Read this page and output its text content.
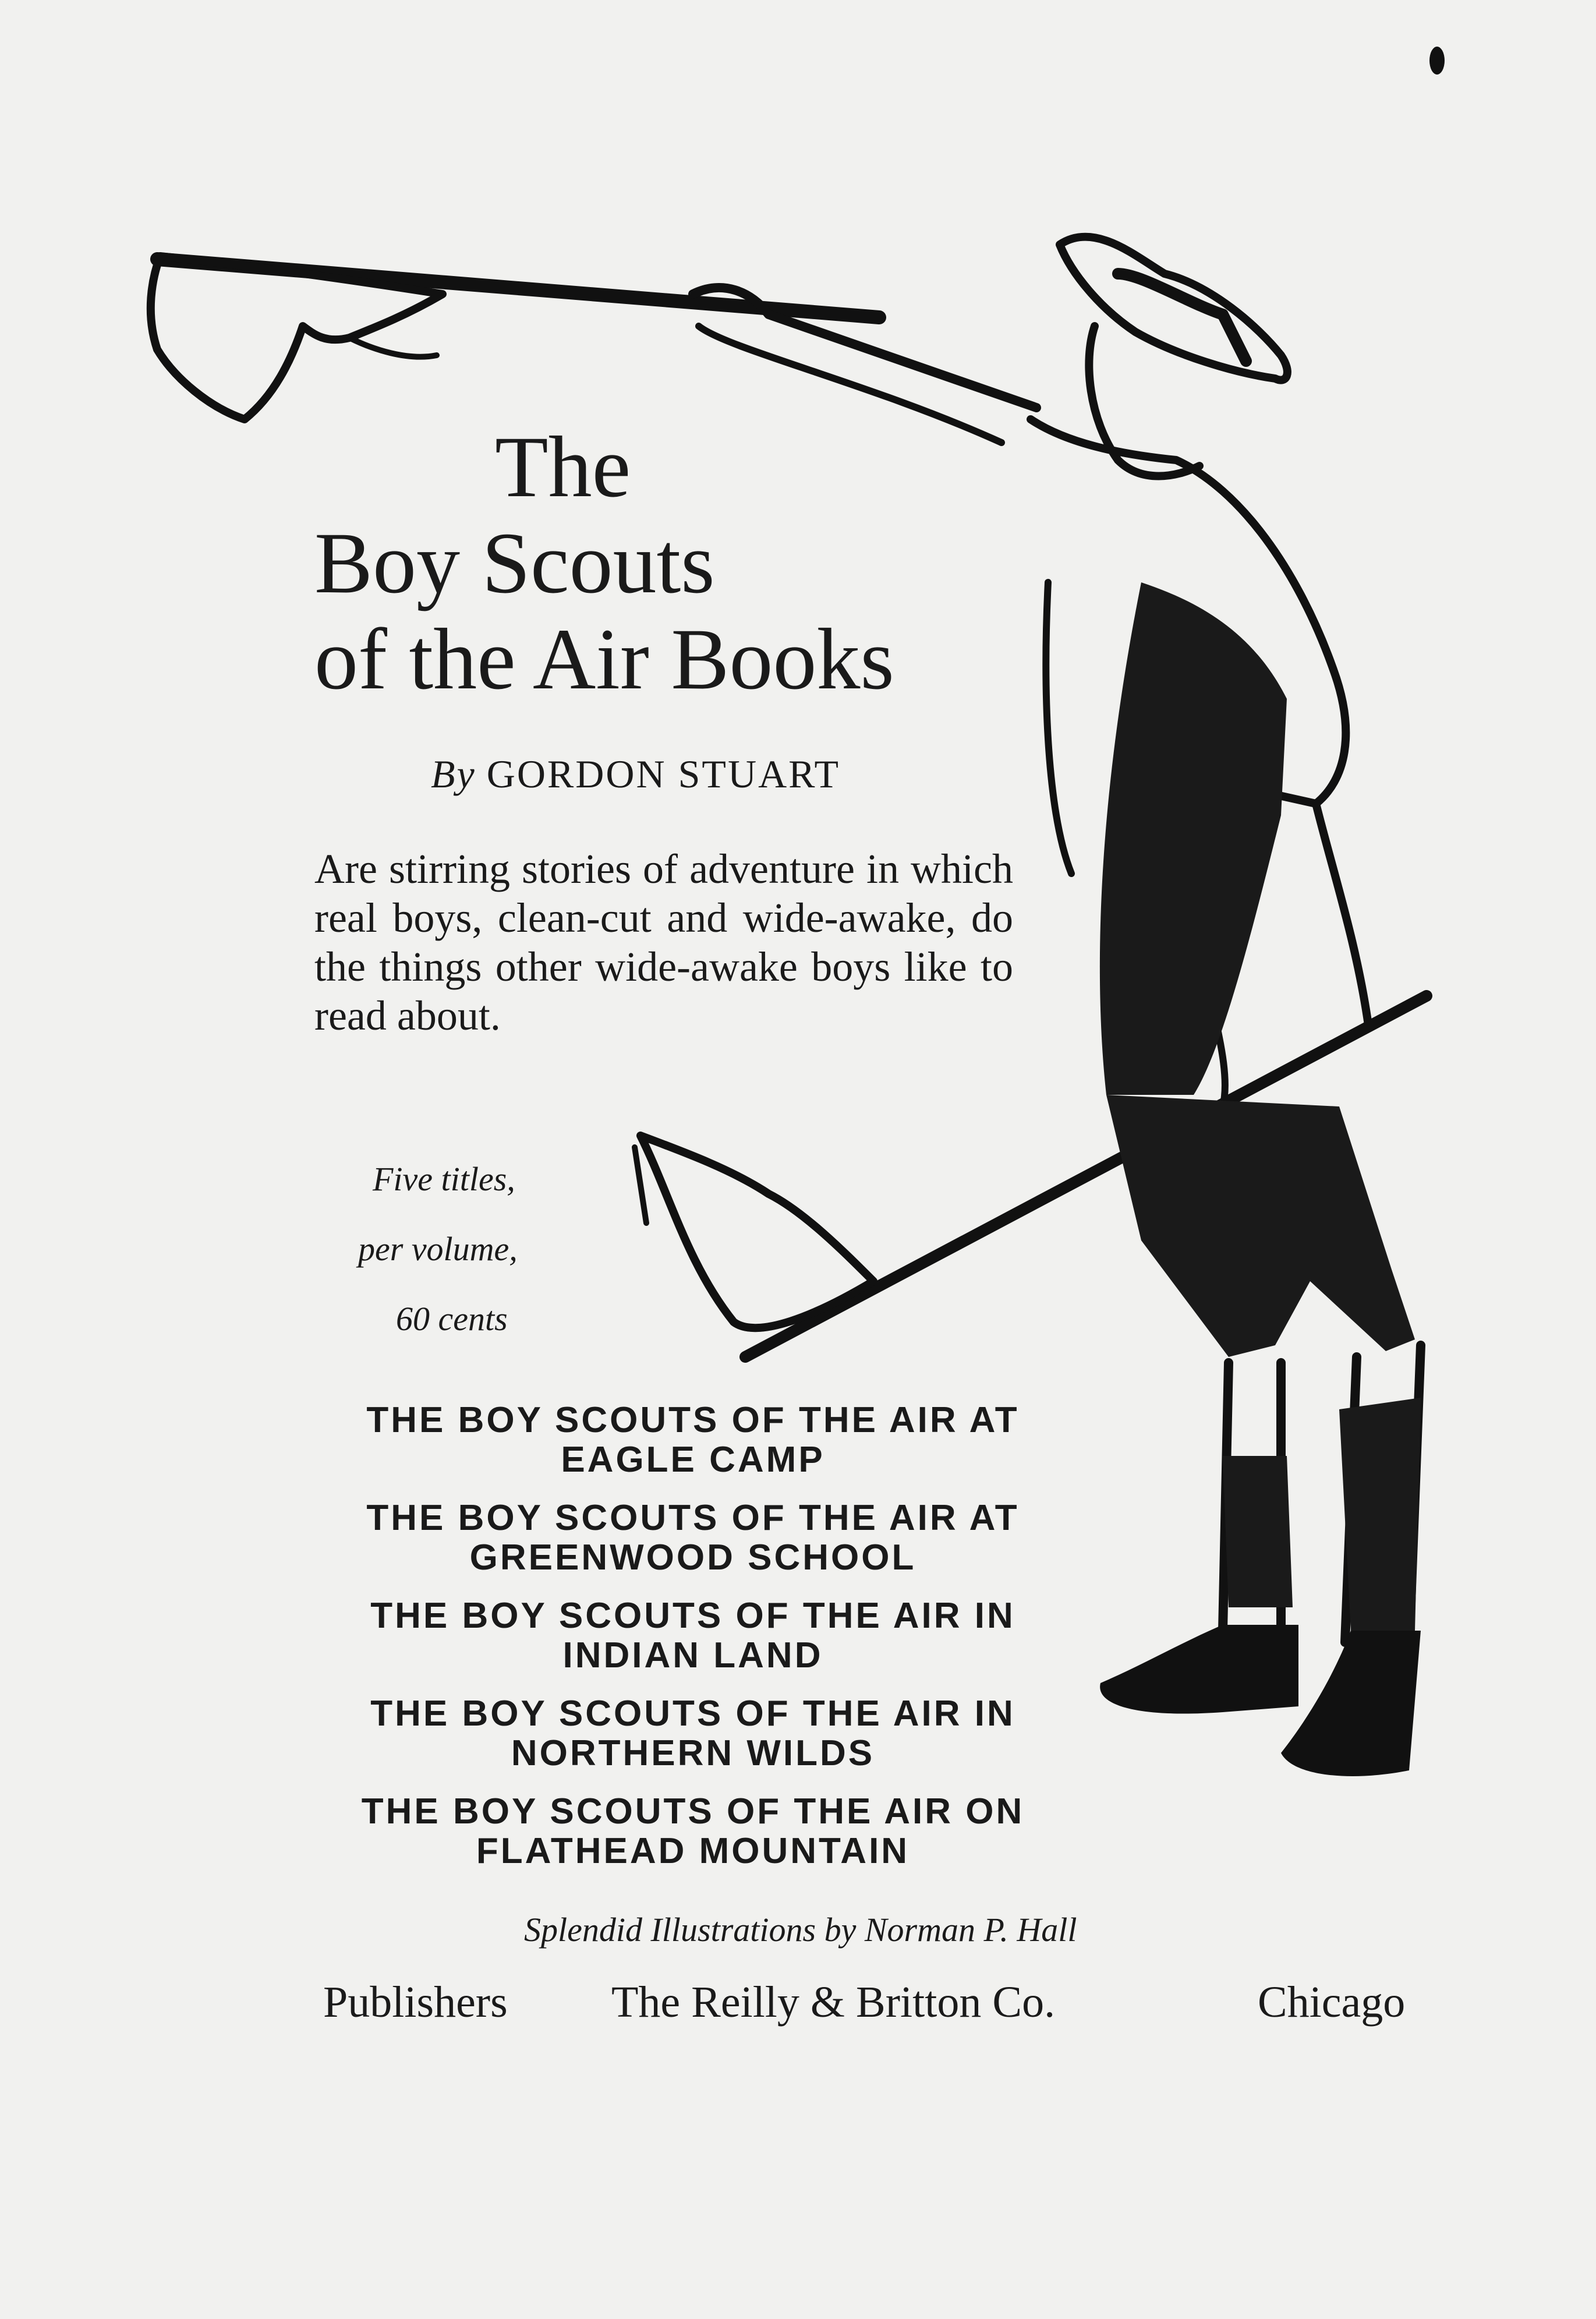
The
Boy Scouts
of the Air Books
By GORDON STUART
Are stirring stories of adventure in which real boys, clean-cut and wide-awake, do the things other wide-awake boys like to read about.
Five titles,
per volume,
60 cents
THE BOY SCOUTS OF THE AIR AT
EAGLE CAMP
THE BOY SCOUTS OF THE AIR AT
GREENWOOD SCHOOL
THE BOY SCOUTS OF THE AIR IN
INDIAN LAND
THE BOY SCOUTS OF THE AIR IN
NORTHERN WILDS
THE BOY SCOUTS OF THE AIR ON
FLATHEAD MOUNTAIN
Splendid Illustrations by Norman P. Hall
Publishers The Reilly & Britton Co.	Chicago
